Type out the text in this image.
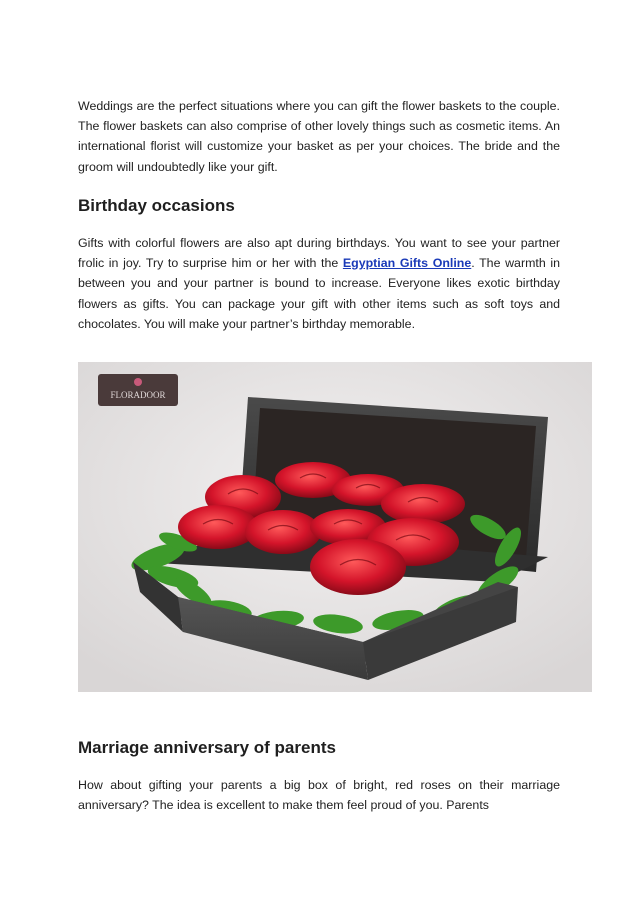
Weddings are the perfect situations where you can gift the flower baskets to the couple. The flower baskets can also comprise of other lovely things such as cosmetic items. An international florist will customize your basket as per your choices. The bride and the groom will undoubtedly like your gift.

Birthday occasions

Gifts with colorful flowers are also apt during birthdays. You want to see your partner frolic in joy. Try to surprise him or her with the Egyptian Gifts Online. The warmth in between you and your partner is bound to increase. Everyone likes exotic birthday flowers as gifts. You can package your gift with other items such as soft toys and chocolates. You will make your partner’s birthday memorable.

FLORADOOR
Marriage anniversary of parents

How about gifting your parents a big box of bright, red roses on their marriage anniversary? The idea is excellent to make them feel proud of you. Parents
